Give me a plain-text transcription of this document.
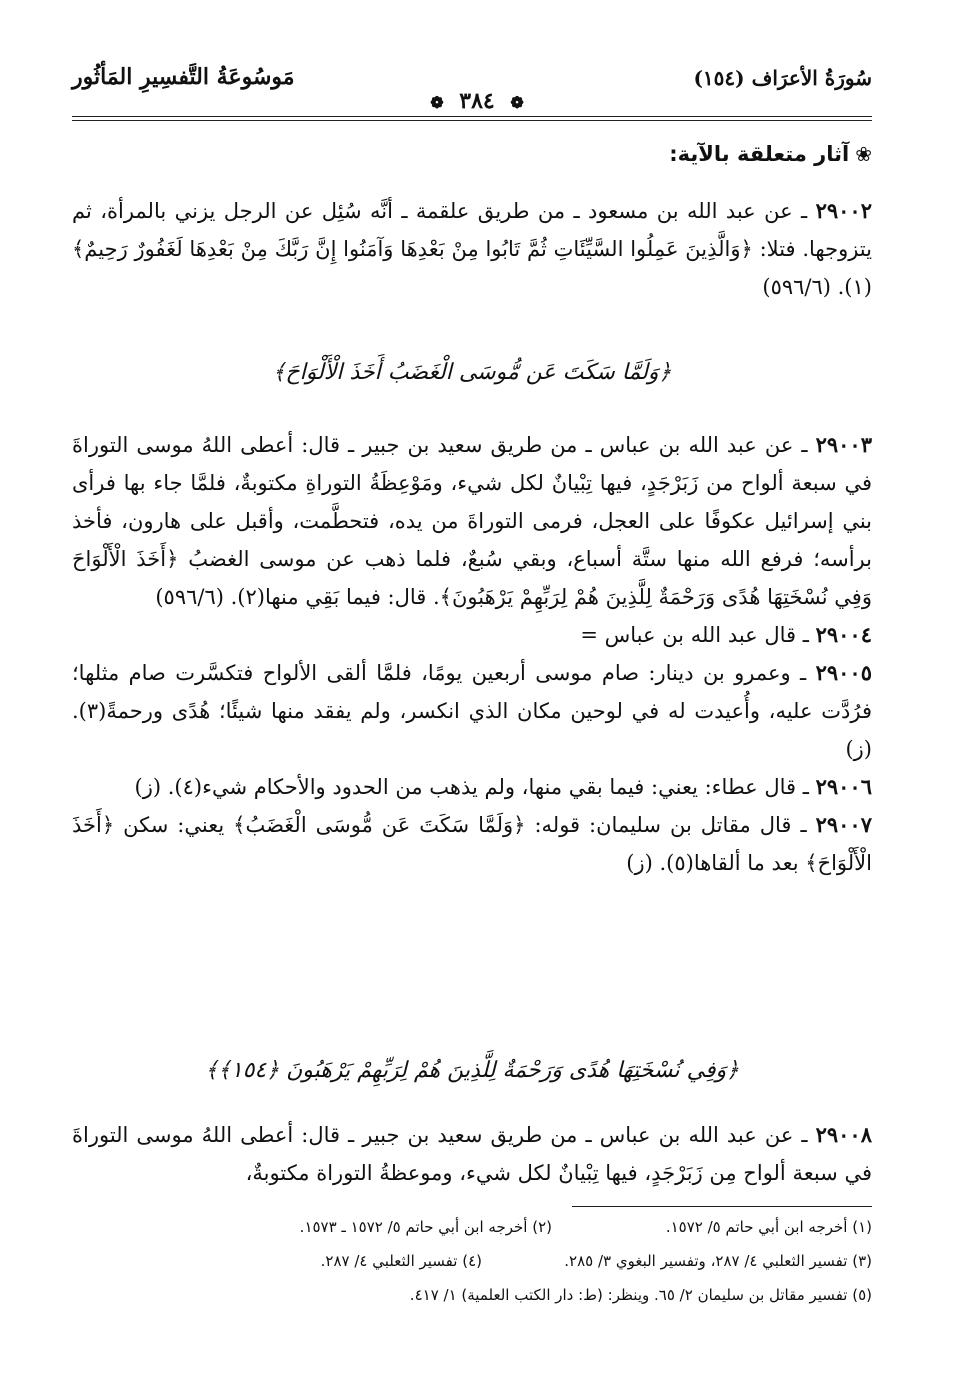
سُورَةُ الأعرَاف (١٥٤)
❁ ٣٨٤ ❁
مَوسُوعَةُ التَّفسِيرِ المَأثُور
❀آثار متعلقة بالآية:

٢٩٠٠٢ ـ عن عبد الله بن مسعود ـ من طريق علقمة ـ أنَّه سُئِل عن الرجل يزني بالمرأة، ثم يتزوجها. فتلا: ﴿وَالَّذِينَ عَمِلُوا السَّيِّئَاتِ ثُمَّ تَابُوا مِنْ بَعْدِهَا وَآمَنُوا إِنَّ رَبَّكَ مِنْ بَعْدِهَا لَغَفُورٌ رَحِيمٌ﴾(١). (٥٩٦/٦)

﴿وَلَمَّا سَكَتَ عَن مُّوسَى الْغَضَبُ أَخَذَ الْأَلْوَاحَ﴾

٢٩٠٠٣ ـ عن عبد الله بن عباس ـ من طريق سعيد بن جبير ـ قال: أعطى اللهُ موسى التوراةَ في سبعة ألواح من زَبَرْجَدٍ، فيها تِبْيانٌ لكل شيء، ومَوْعِظَةُ التوراةِ مكتوبةٌ، فلمَّا جاء بها فرأى بني إسرائيل عكوفًا على العجل، فرمى التوراةَ من يده، فتحطَّمت، وأقبل على هارون، فأخذ برأسه؛ فرفع الله منها ستَّة أسباع، وبقي سُبعٌ، فلما ذهب عن موسى الغضبُ ﴿أَخَذَ الْأَلْوَاحَ وَفِي نُسْخَتِهَا هُدًى وَرَحْمَةٌ لِلَّذِينَ هُمْ لِرَبِّهِمْ يَرْهَبُونَ﴾. قال: فيما بَقِي منها(٢). (٥٩٦/٦)

٢٩٠٠٤ ـ قال عبد الله بن عباس =

٢٩٠٠٥ ـ وعمرو بن دينار: صام موسى أربعين يومًا، فلمَّا ألقى الألواح فتكسَّرت صام مثلها؛ فرُدَّت عليه، وأُعيدت له في لوحين مكان الذي انكسر، ولم يفقد منها شيئًا؛ هُدًى ورحمةً(٣). (ز)

٢٩٠٠٦ ـ قال عطاء: يعني: فيما بقي منها، ولم يذهب من الحدود والأحكام شيء(٤). (ز)

٢٩٠٠٧ ـ قال مقاتل بن سليمان: قوله: ﴿وَلَمَّا سَكَتَ عَن مُّوسَى الْغَضَبُ﴾ يعني: سكن ﴿أَخَذَ الْأَلْوَاحَ﴾ بعد ما ألقاها(٥). (ز)

﴿وَفِي نُسْخَتِهَا هُدًى وَرَحْمَةٌ لِلَّذِينَ هُمْ لِرَبِّهِمْ يَرْهَبُونَ ﴿١٥٤﴾﴾

٢٩٠٠٨ ـ عن عبد الله بن عباس ـ من طريق سعيد بن جبير ـ قال: أعطى اللهُ موسى التوراةَ في سبعة ألواح مِن زَبَرْجَدٍ، فيها تِبْيانٌ لكل شيء، وموعظةُ التوراة مكتوبةٌ،

(١) أخرجه ابن أبي حاتم ٥/ ١٥٧٢.
(٢) أخرجه ابن أبي حاتم ٥/ ١٥٧٢ ـ ١٥٧٣.
(٣) تفسير الثعلبي ٤/ ٢٨٧، وتفسير البغوي ٣/ ٢٨٥.
(٤) تفسير الثعلبي ٤/ ٢٨٧.
(٥) تفسير مقاتل بن سليمان ٢/ ٦٥. وينظر: (ط: دار الكتب العلمية) ١/ ٤١٧.
